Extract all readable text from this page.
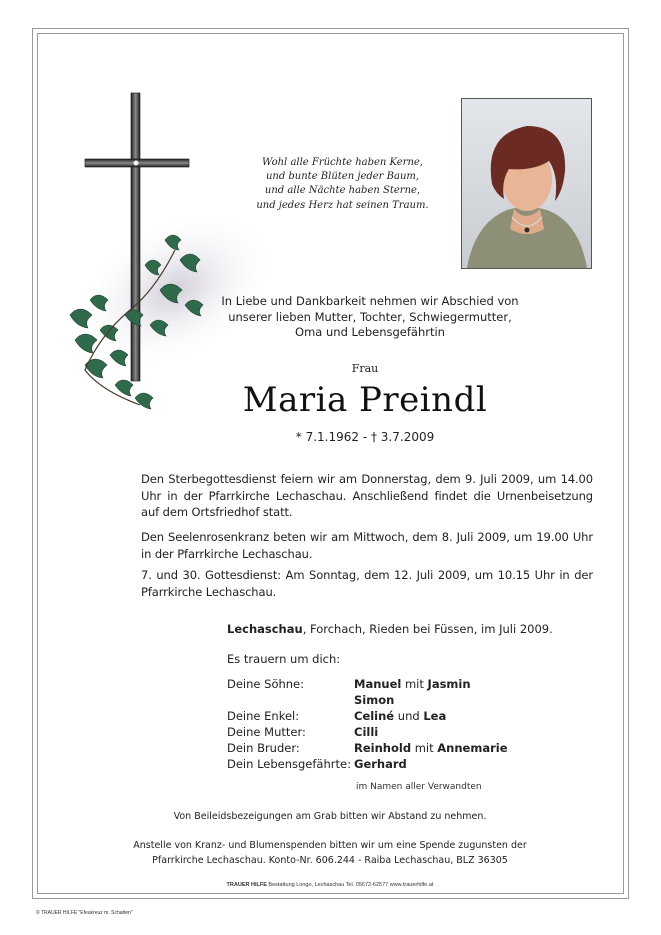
Wohl alle Früchte haben Kerne,
und bunte Blüten jeder Baum,
und alle Nächte haben Sterne,
und jedes Herz hat seinen Traum.
In Liebe und Dankbarkeit nehmen wir Abschied von
unserer lieben Mutter, Tochter, Schwiegermutter,
Oma und Lebensgefährtin
Frau
Maria Preindl
* 7.1.1962 - † 3.7.2009
Den Sterbegottesdienst feiern wir am Donnerstag, dem 9. Juli 2009, um 14.00 Uhr in der Pfarrkirche Lechaschau. Anschließend findet die Urnenbeisetzung auf dem Ortsfriedhof statt.
Den Seelenrosenkranz beten wir am Mittwoch, dem 8. Juli 2009, um 19.00 Uhr in der Pfarrkirche Lechaschau.
7. und 30. Gottesdienst: Am Sonntag, dem 12. Juli 2009, um 10.15 Uhr in der Pfarrkirche Lechaschau.
Lechaschau, Forchach, Rieden bei Füssen, im Juli 2009.
Es trauern um dich:
Deine Söhne:	Manuel mit Jasmin
Simon
Deine Enkel:	Celiné und Lea
Deine Mutter:	Cilli
Dein Bruder:	Reinhold mit Annemarie
Dein Lebensgefährte: Gerhard
im Namen aller Verwandten
Von Beileidsbezeigungen am Grab bitten wir Abstand zu nehmen.
Anstelle von Kranz- und Blumenspenden bitten wir um eine Spende zugunsten der
Pfarrkirche Lechaschau. Konto-Nr. 606.244 - Raiba Lechaschau, BLZ 36305
TRAUER HILFE Bestattung Longo, Lechaschau Tel. 05672-62577 www.trauerhilfe.at
© TRAUER HILFE "Efeukreuz m. Schatten"
